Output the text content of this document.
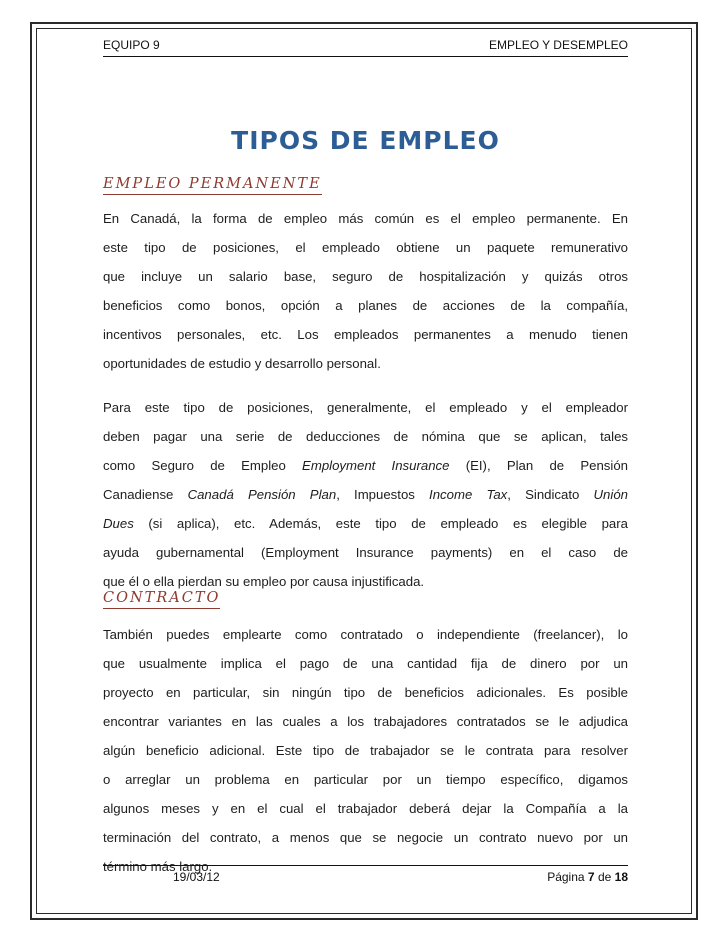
EQUIPO 9	EMPLEO Y DESEMPLEO
TIPOS DE EMPLEO
EMPLEO PERMANENTE

En Canadá, la forma de empleo más común es el empleo permanente. En
este tipo de posiciones, el empleado obtiene un paquete remunerativo
que incluye un salario base, seguro de hospitalización y quizás otros
beneficios como bonos, opción a planes de acciones de la compañía,
incentivos personales, etc. Los empleados permanentes a menudo tienen
oportunidades de estudio y desarrollo personal.

Para este tipo de posiciones, generalmente, el empleado y el empleador
deben pagar una serie de deducciones de nómina que se aplican, tales
como Seguro de Empleo Employment Insurance (EI), Plan de Pensión
Canadiense Canadá Pensión Plan, Impuestos Income Tax, Sindicato Unión
Dues (si aplica), etc. Además, este tipo de empleado es elegible para
ayuda gubernamental (Employment Insurance payments) en el caso de
que él o ella pierdan su empleo por causa injustificada.

CONTRACTO

También puedes emplearte como contratado o independiente (freelancer), lo
que usualmente implica el pago de una cantidad fija de dinero por un
proyecto en particular, sin ningún tipo de beneficios adicionales. Es posible
encontrar variantes en las cuales a los trabajadores contratados se le adjudica
algún beneficio adicional. Este tipo de trabajador se le contrata para resolver
o arreglar un problema en particular por un tiempo específico, digamos
algunos meses y en el cual el trabajador deberá dejar la Compañía a la
terminación del contrato, a menos que se negocie un contrato nuevo por un
término más largo.

19/03/12	Página 7 de 18
